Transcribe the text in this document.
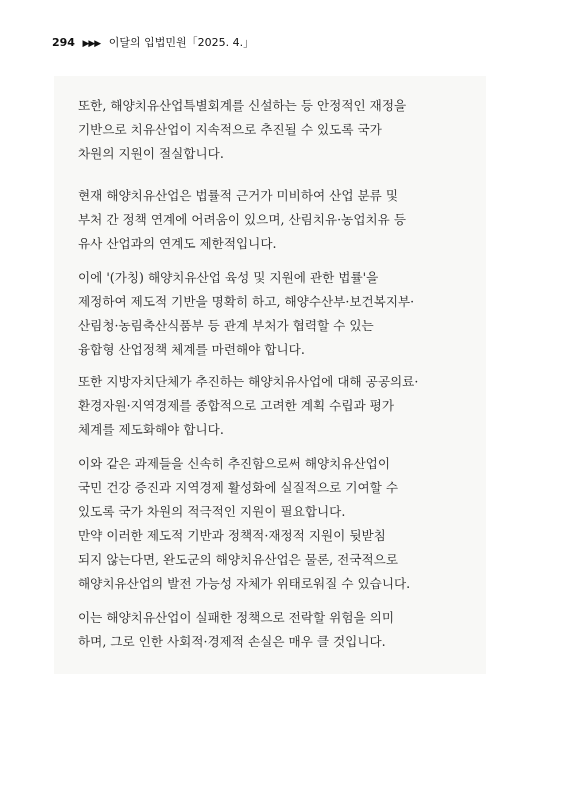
294 ▶▶▶ 이달의 입법민원「2025. 4.」
또한, 해양치유산업특별회계를 신설하는 등 안정적인 재정을
기반으로 치유산업이 지속적으로 추진될 수 있도록 국가
차원의 지원이 절실합니다.
현재 해양치유산업은 법률적 근거가 미비하여 산업 분류 및
부처 간 정책 연계에 어려움이 있으며, 산림치유·농업치유 등
유사 산업과의 연계도 제한적입니다.
이에 '(가칭) 해양치유산업 육성 및 지원에 관한 법률'을
제정하여 제도적 기반을 명확히 하고, 해양수산부·보건복지부·
산림청·농림축산식품부 등 관계 부처가 협력할 수 있는
융합형 산업정책 체계를 마련해야 합니다.
또한 지방자치단체가 추진하는 해양치유사업에 대해 공공의료·
환경자원·지역경제를 종합적으로 고려한 계획 수립과 평가
체계를 제도화해야 합니다.
이와 같은 과제들을 신속히 추진함으로써 해양치유산업이
국민 건강 증진과 지역경제 활성화에 실질적으로 기여할 수
있도록 국가 차원의 적극적인 지원이 필요합니다.
만약 이러한 제도적 기반과 정책적·재정적 지원이 뒷받침
되지 않는다면, 완도군의 해양치유산업은 물론, 전국적으로
해양치유산업의 발전 가능성 자체가 위태로워질 수 있습니다.
이는 해양치유산업이 실패한 정책으로 전락할 위험을 의미
하며, 그로 인한 사회적·경제적 손실은 매우 클 것입니다.
